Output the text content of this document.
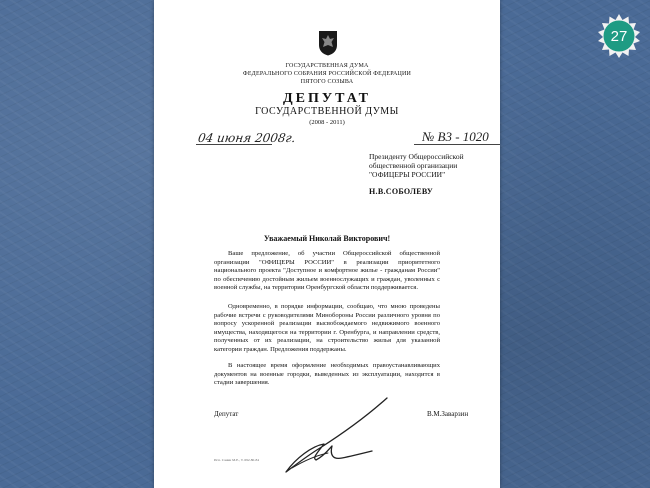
27
ГОСУДАРСТВЕННАЯ ДУМА
ФЕДЕРАЛЬНОГО СОБРАНИЯ РОССИЙСКОЙ ФЕДЕРАЦИИ
ПЯТОГО СОЗЫВА
ДЕПУТАТ
ГОСУДАРСТВЕННОЙ ДУМЫ
(2008 - 2011)
04 июня 2008г.	№ В3 - 1020
Президенту Общероссийской
общественной организации
"ОФИЦЕРЫ РОССИИ"
Н.В.СОБОЛЕВУ
Уважаемый Николай Викторович!

Ваше предложение, об участии Общероссийской общественной организации "ОФИЦЕРЫ РОССИИ" в реализации приоритетного национального проекта "Доступное и комфортное жилье - гражданам России" по обеспечению достойным жильем военнослужащих и граждан, уволенных с военной службы, на территории Оренбургской области поддерживается.

Одновременно, в порядке информации, сообщаю, что мною проведены рабочие встречи с руководителями Минобороны России различного уровня по вопросу ускоренной реализации высвобождаемого недвижимого военного имущества, находящегося на территории г. Оренбурга, и направлении средств, полученных от их реализации, на строительство жилья для указанной категории граждан. Предложения поддержаны.

В настоящее время оформление необходимых правоустанавливающих документов на военные городки, выведенных из эксплуатации, находится в стадии завершения.

Депутат	В.М.Заварзин
Исп. Санин М.Е., Т. 692-80-84
